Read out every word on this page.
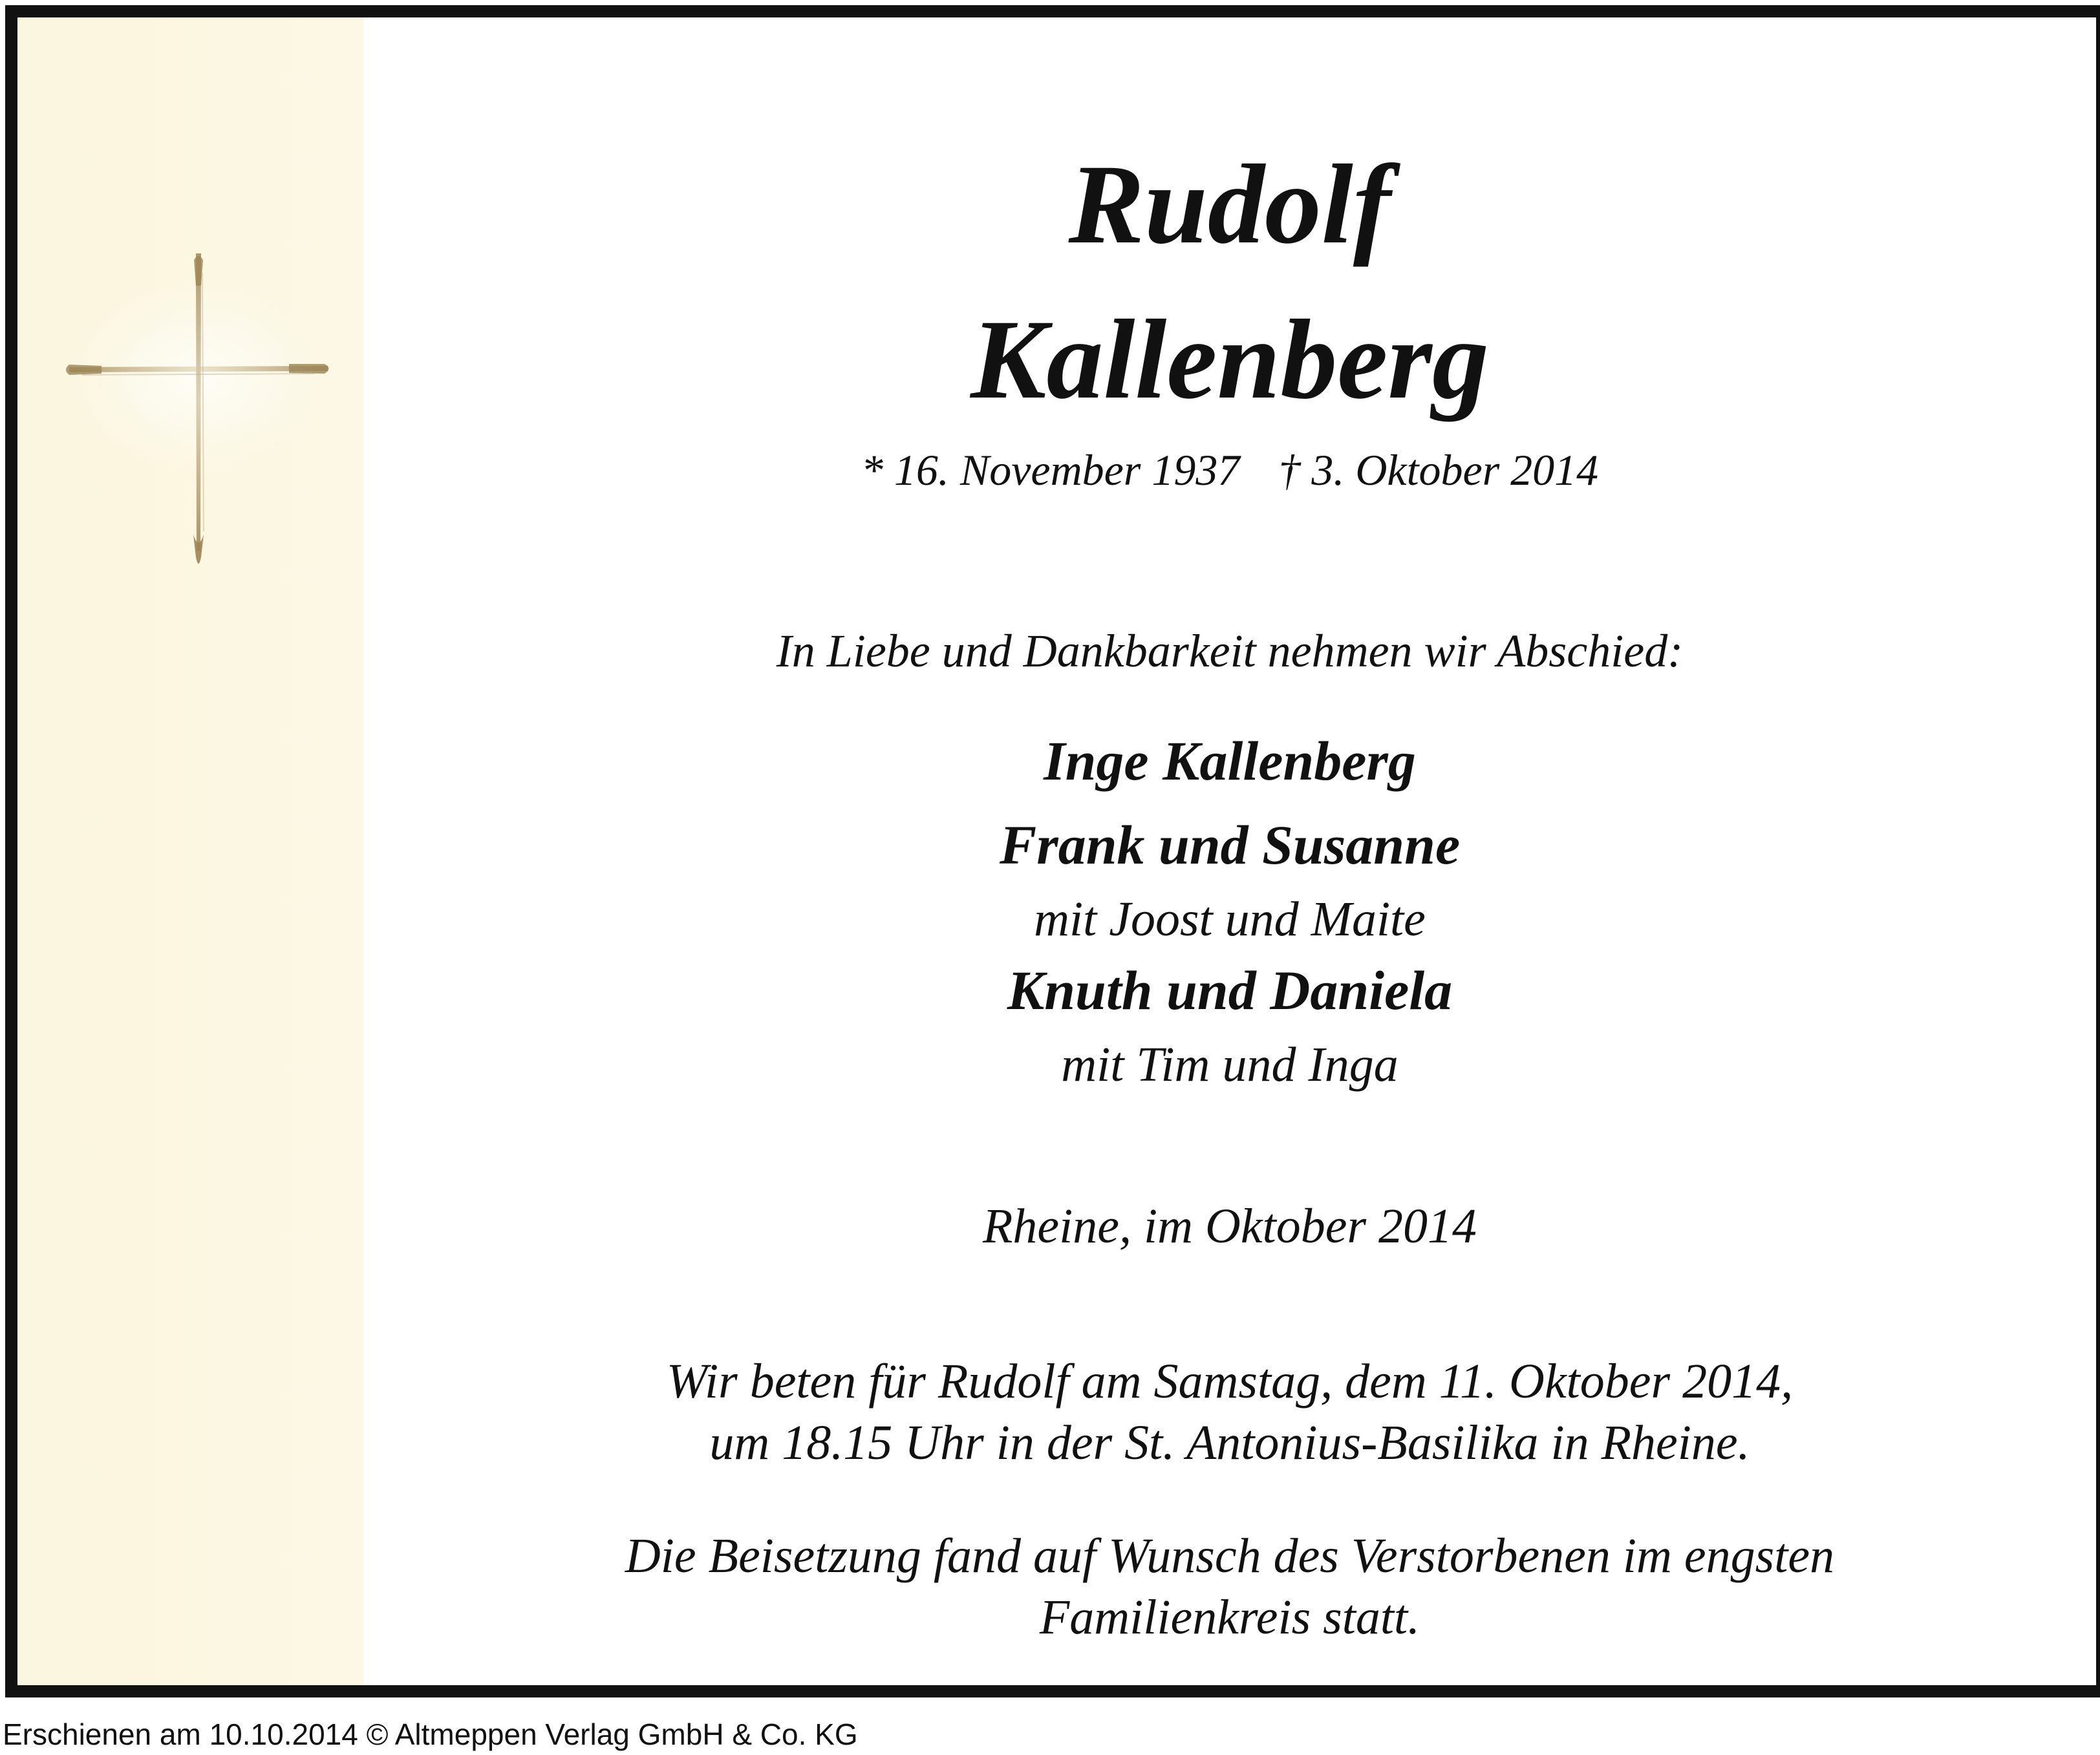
Rudolf
Kallenberg
* 16. November 1937 † 3. Oktober 2014
In Liebe und Dankbarkeit nehmen wir Abschied:
Inge Kallenberg
Frank und Susanne
mit Joost und Maite
Knuth und Daniela
mit Tim und Inga
Rheine, im Oktober 2014
Wir beten für Rudolf am Samstag, dem 11. Oktober 2014,
um 18.15 Uhr in der St. Antonius-Basilika in Rheine.
Die Beisetzung fand auf Wunsch des Verstorbenen im engsten
Familienkreis statt.
Erschienen am 10.10.2014 © Altmeppen Verlag GmbH & Co. KG
